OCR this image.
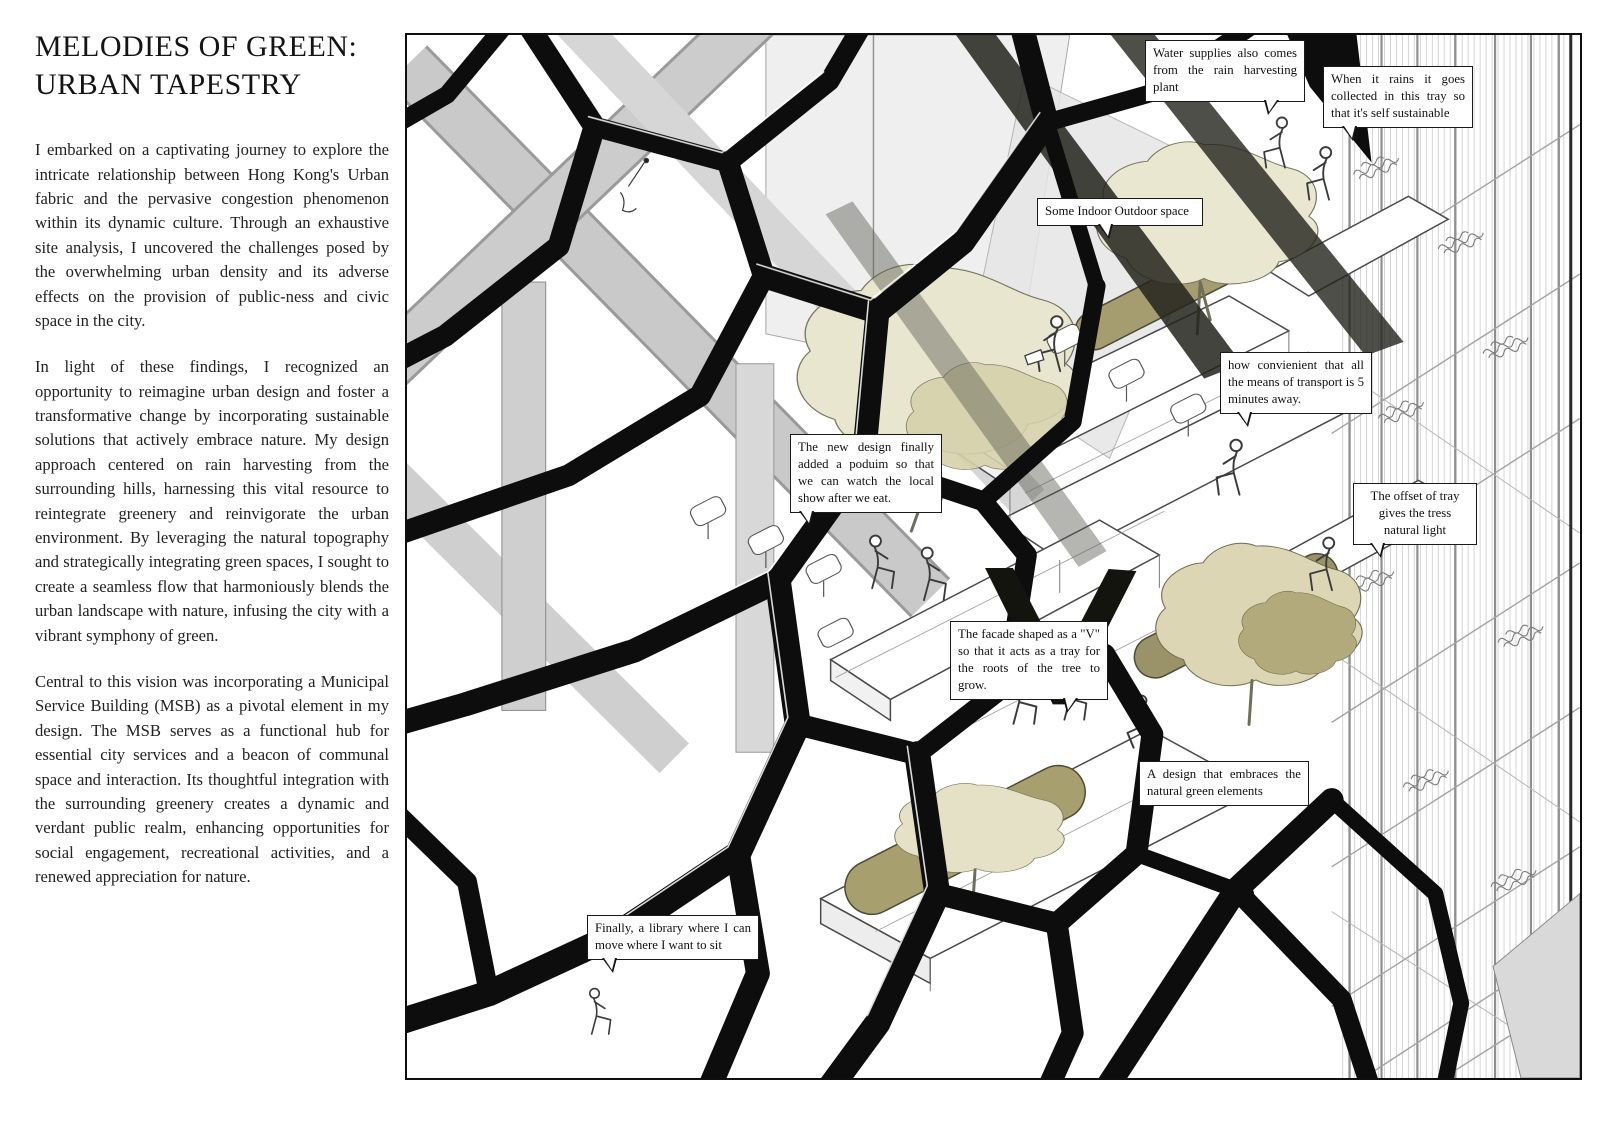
MELODIES OF GREEN:
URBAN TAPESTRY

I embarked on a captivating journey to explore the intricate relationship between Hong Kong's Urban fabric and the pervasive congestion phenomenon within its dynamic culture. Through an exhaustive site analysis, I uncovered the challenges posed by the overwhelming urban density and its adverse effects on the provision of public-ness and civic space in the city.

In light of these findings, I recognized an opportunity to reimagine urban design and foster a transformative change by incorporating sustainable solutions that actively embrace nature. My design approach centered on rain harvesting from the surrounding hills, harnessing this vital resource to reintegrate greenery and reinvigorate the urban environment. By leveraging the natural topography and strategically integrating green spaces, I sought to create a seamless flow that harmoniously blends the urban landscape with nature, infusing the city with a vibrant symphony of green.

Central to this vision was incorporating a Municipal Service Building (MSB) as a pivotal element in my design. The MSB serves as a functional hub for essential city services and a beacon of communal space and interaction. Its thoughtful integration with the surrounding greenery creates a dynamic and verdant public realm, enhancing opportunities for social engagement, recreational activities, and a renewed appreciation for nature.

Water supplies also comes from the rain harvesting plant
When it rains it goes collected in this tray so that it's self sustainable
Some Indoor Outdoor space
how convienient that all the means of transport is 5 minutes away.
The new design finally added a poduim so that we can watch the local show after we eat.	The offset of tray gives the tress natural light
The facade shaped as a "V" so that it acts as a tray for the roots of the tree to grow.
A design that embraces the natural green elements
Finally, a library where I can move where I want to sit
